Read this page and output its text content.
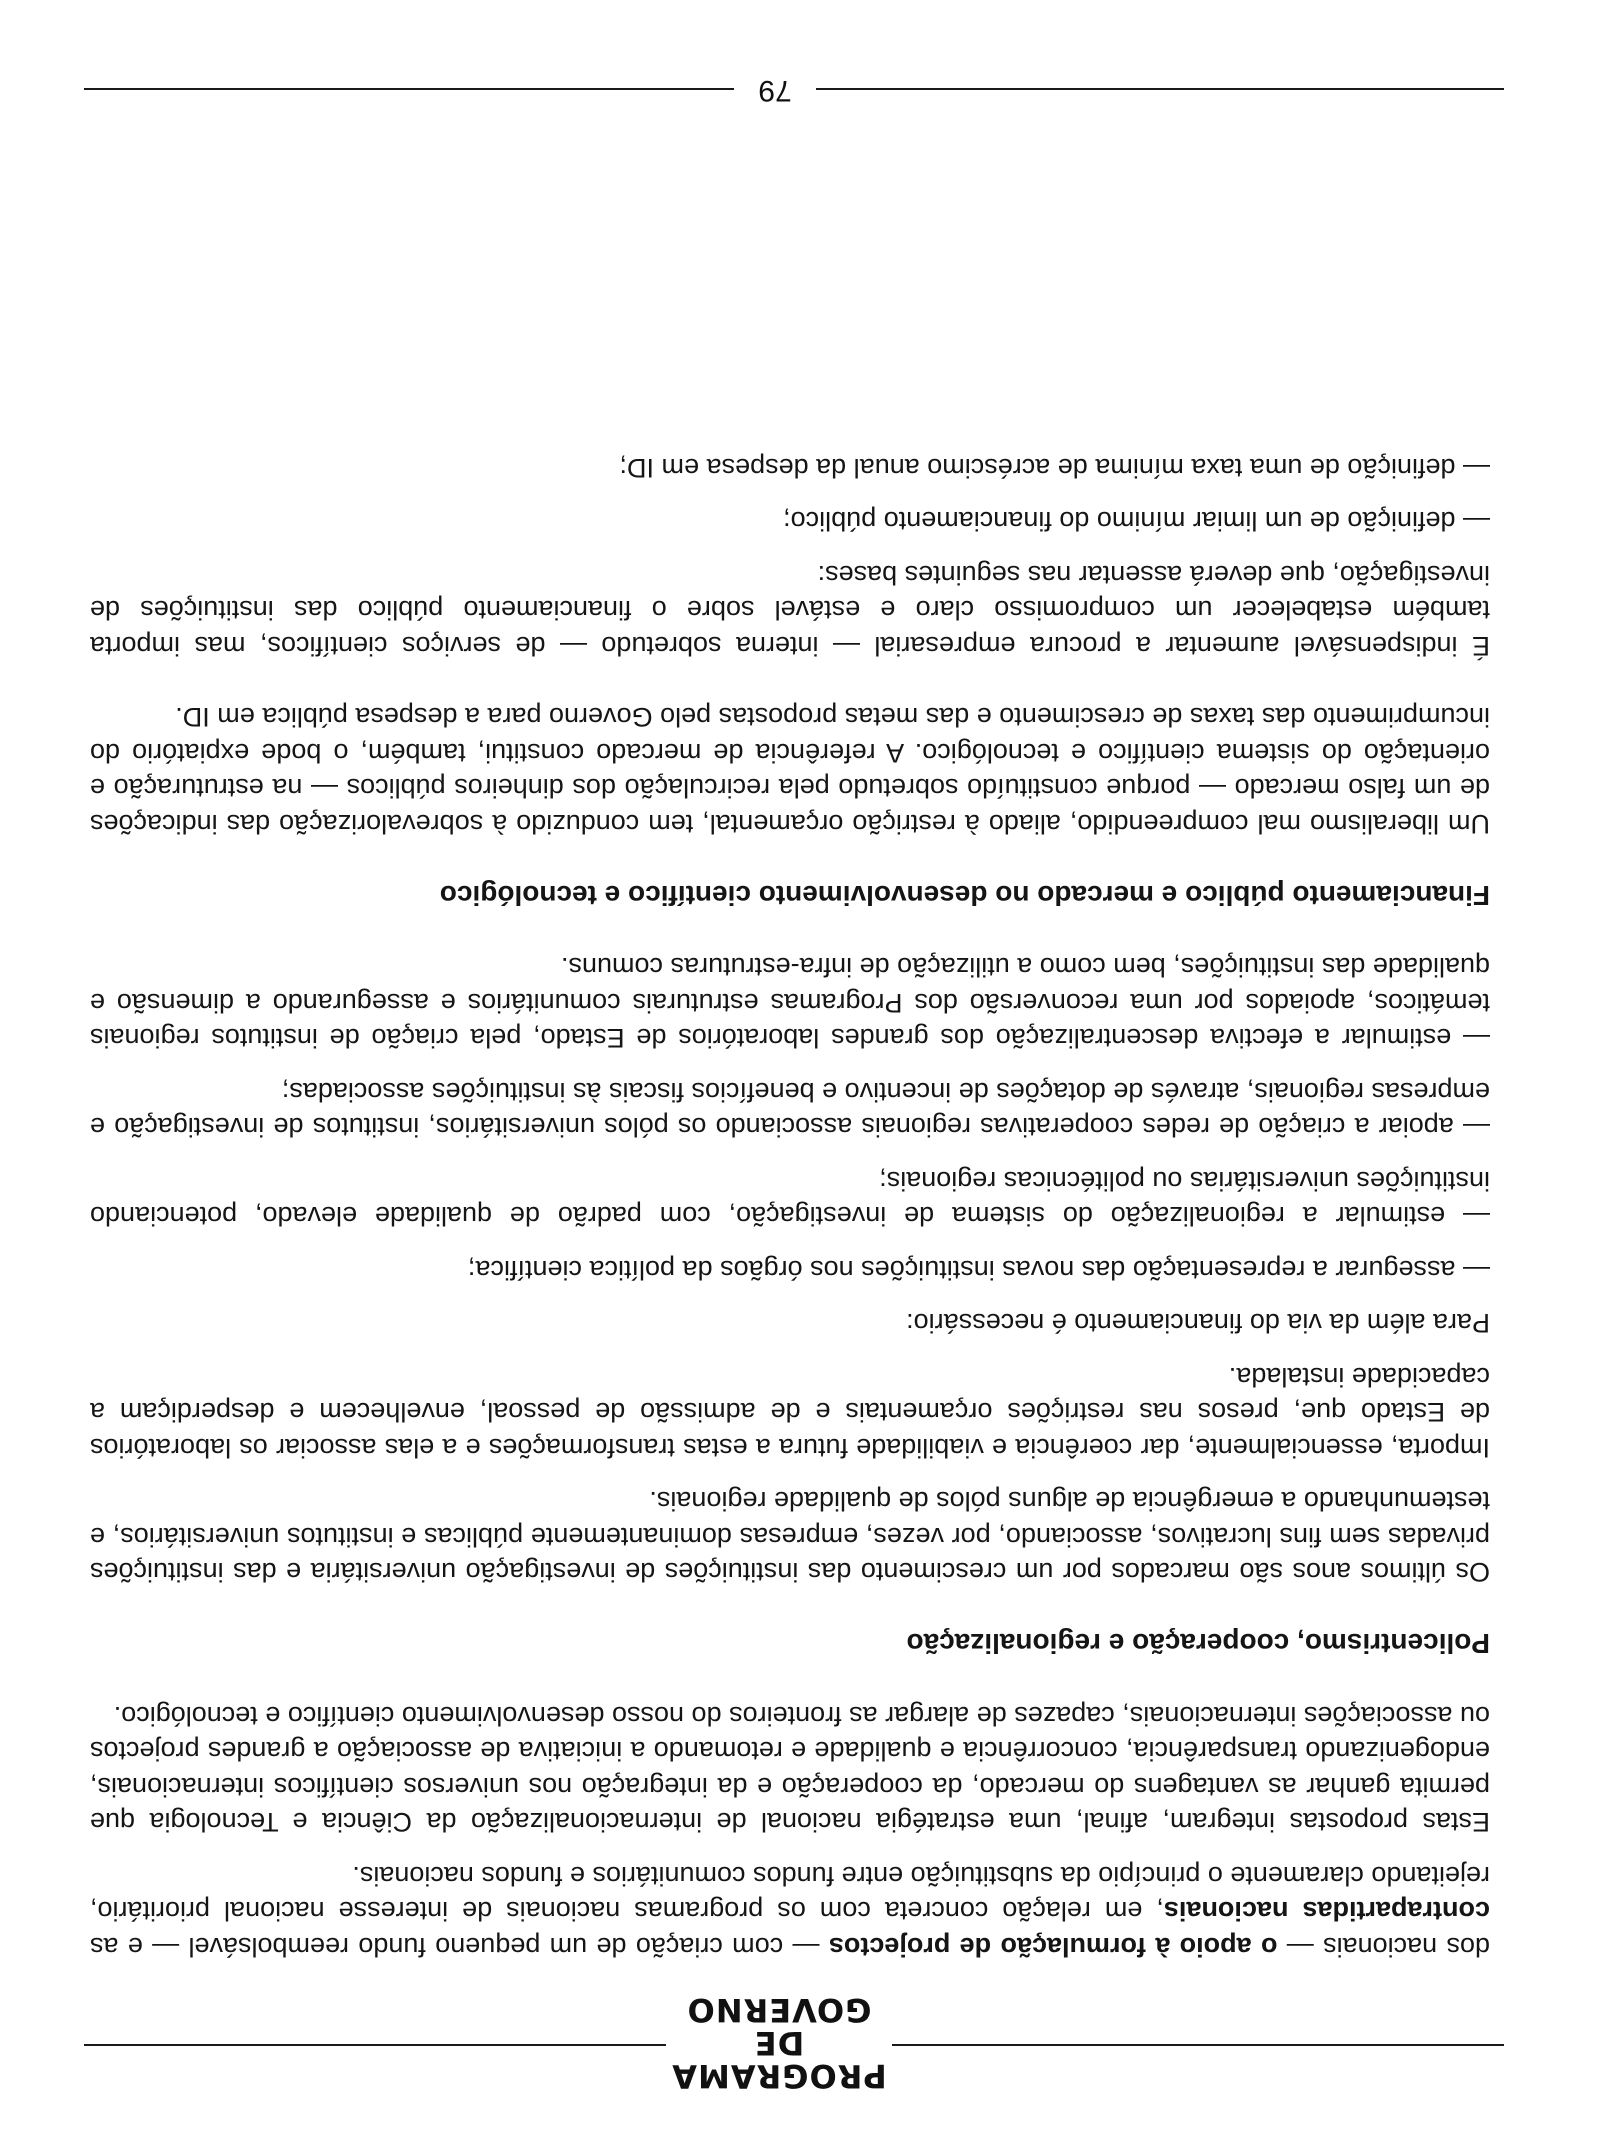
PROGRAMA
DE GOVERNO

dos nacionais — o apoio à formulação de projectos — com criação de um pequeno fundo reembolsável — e as contrapartidas nacionais, em relação concreta com os programas nacionais de interesse nacional prioritário, rejeitando claramente o princípio da substituição entre fundos comunitários e fundos nacionais.

Estas propostas integram, afinal, uma estratégia nacional de internacionalização da Ciência e Tecnologia que permita ganhar as vantagens do mercado, da cooperação e da integração nos universos científicos internacionais, endogenizando transparência, concorrência e qualidade e retomando a iniciativa de associação a grandes projectos ou associações internacionais, capazes de alargar as fronteiros do nosso desenvolvimento científico e tecnológico.

Policentrismo, cooperação e regionalização

Os últimos anos são marcados por um crescimento das instituições de investigação universitária e das instituições privadas sem fins lucrativos, associando, por vezes, empresas dominantemente públicas e institutos universitários, e testemunhando a emergência de alguns pólos de qualidade regionais.

Importa, essencialmente, dar coerência e viabilidade futura a estas transformações e a elas associar os laboratórios de Estado que, presos nas restrições orçamentais e de admissão de pessoal, envelhecem e desperdiçam a capacidade instalada.

Para além da via do financiamento é necessário:

— assegurar a representação das novas instituições nos órgãos da política científica;

— estimular a regionalização do sistema de investigação, com padrão de qualidade elevado, potenciando instituições universitárias ou politécnicas regionais;

— apoiar a criação de redes cooperativas regionais associando os pólos universitários, institutos de investigação e empresas regionais, através de dotações de incentivo e benefícios fiscais às instituições associadas;

— estimular a efectiva descentralização dos grandes laboratórios de Estado, pela criação de institutos regionais temáticos, apoiados por uma reconversão dos Programas estruturais comunitários e assegurando a dimensão e qualidade das instituições, bem como a utilização de infra-estruturas comuns.

Financiamento público e mercado no desenvolvimento científico e tecnológico

Um liberalismo mal compreendido, aliado à restrição orçamental, tem conduzido à sobrevalorização das indicações de um falso mercado — porque constituído sobretudo pela recirculação dos dinheiros públicos — na estruturação e orientação do sistema científico e tecnológico. A referência de mercado constitui, também, o bode expiatório do incumprimento das taxas de crescimento e das metas propostas pelo Governo para a despesa pública em ID.

É indispensável aumentar a procura empresarial — interna sobretudo — de serviços científicos, mas importa também estabelecer um compromisso claro e estável sobre o financiamento público das instituições de investigação, que deverá assentar nas seguintes bases:

— definição de um limiar mínimo do financiamento público;

— definição de uma taxa mínima de acréscimo anual da despesa em ID;

79
